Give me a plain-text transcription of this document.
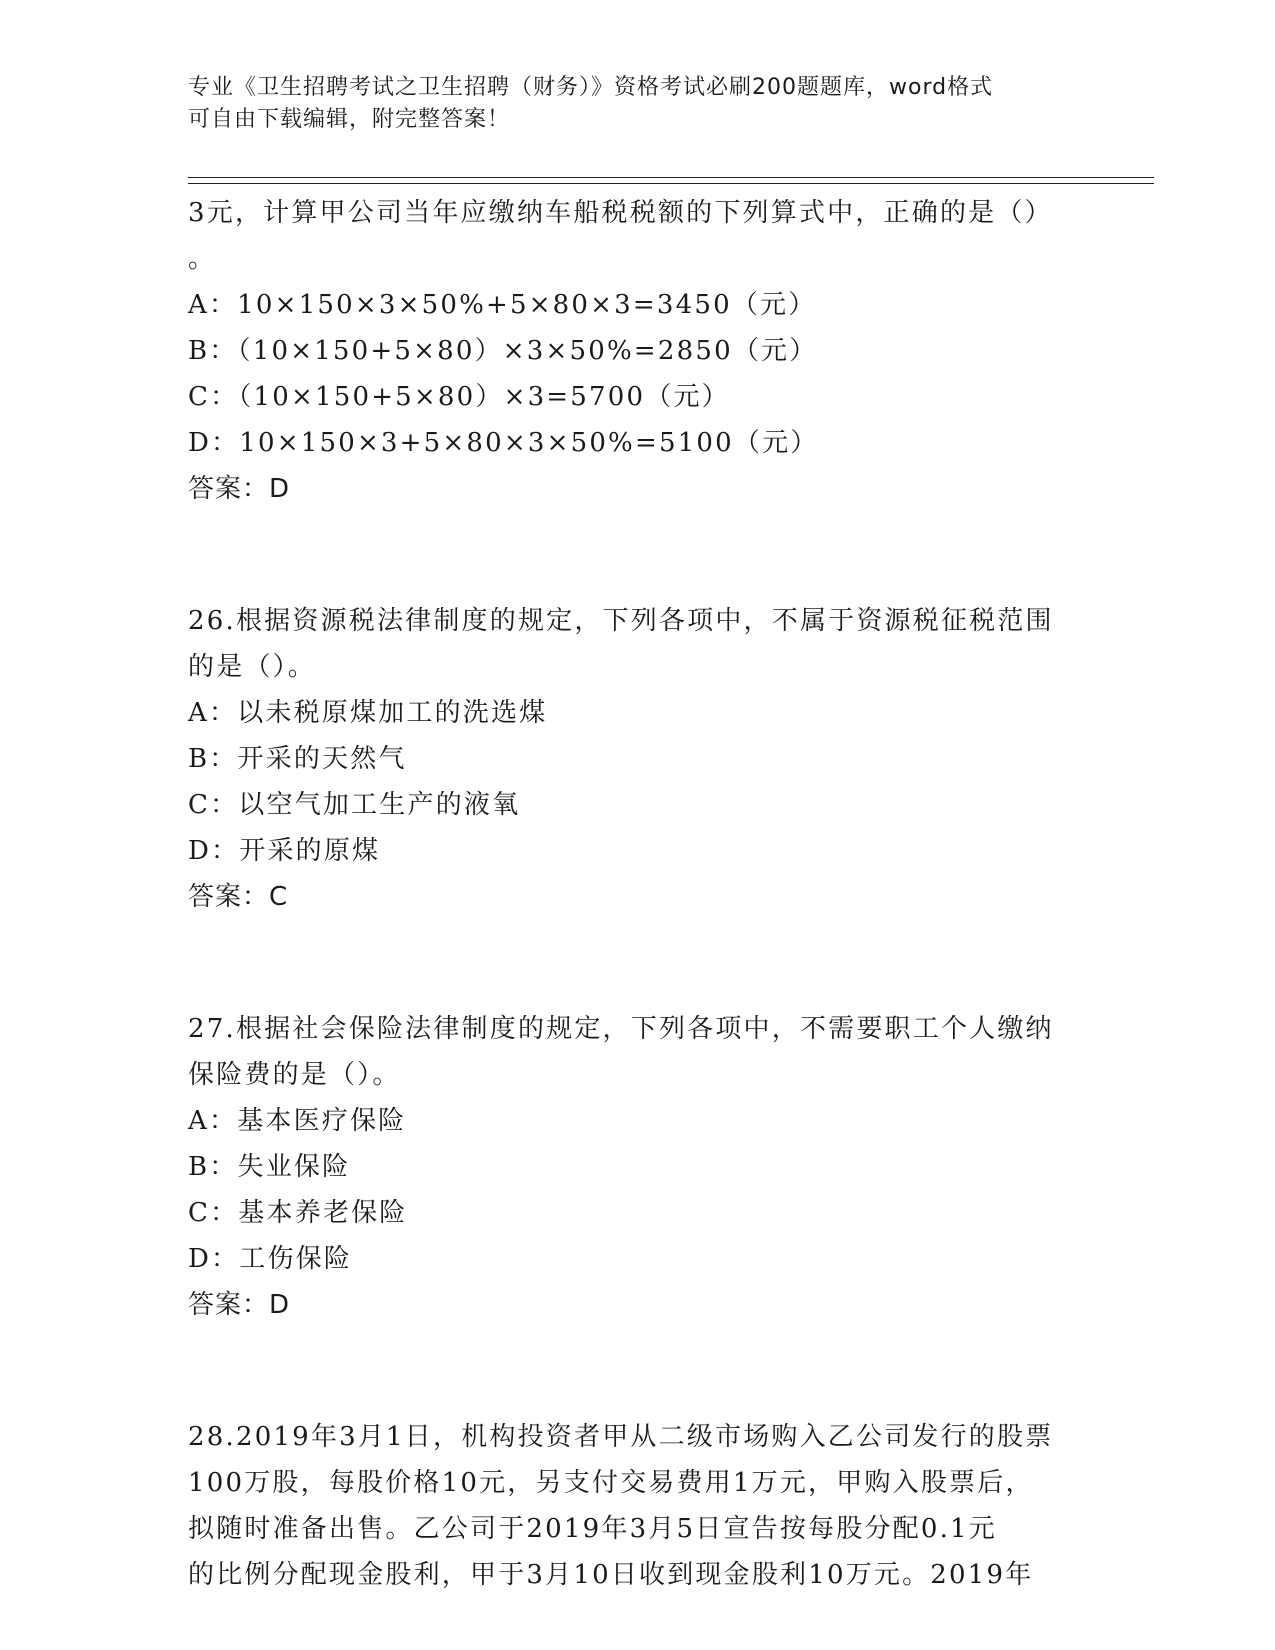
专业《卫生招聘考试之卫生招聘（财务）》资格考试必刷200题题库，word格式
可自由下载编辑，附完整答案！
3元，计算甲公司当年应缴纳车船税税额的下列算式中，正确的是（）
。
A：10×150×3×50%+5×80×3=3450（元）
B：（10×150+5×80）×3×50%=2850（元）
C：（10×150+5×80）×3=5700（元）
D：10×150×3+5×80×3×50%=5100（元）
答案：D
26.根据资源税法律制度的规定，下列各项中，不属于资源税征税范围
的是（）。
A：以未税原煤加工的洗选煤
B：开采的天然气
C：以空气加工生产的液氧
D：开采的原煤
答案：C
27.根据社会保险法律制度的规定，下列各项中，不需要职工个人缴纳
保险费的是（）。
A：基本医疗保险
B：失业保险
C：基本养老保险
D：工伤保险
答案：D
28.2019年3月1日，机构投资者甲从二级市场购入乙公司发行的股票
100万股，每股价格10元，另支付交易费用1万元，甲购入股票后，
拟随时准备出售。乙公司于2019年3月5日宣告按每股分配0.1元
的比例分配现金股利，甲于3月10日收到现金股利10万元。2019年
